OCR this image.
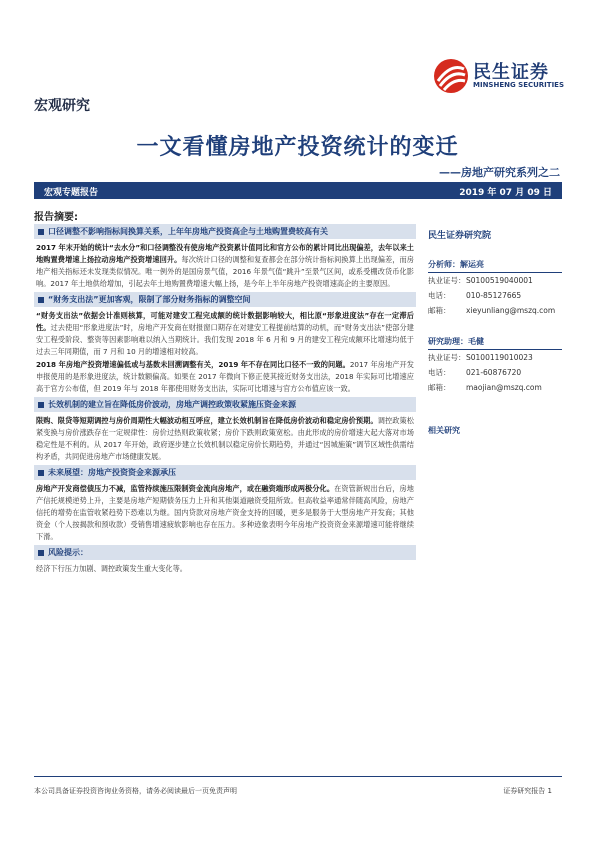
民生证券
MINSHENG SECURITIES
宏观研究
一文看懂房地产投资统计的变迁
——房地产研究系列之二
宏观专题报告	2019 年 07 月 09 日
报告摘要:
口径调整不影响指标间换算关系，上年年房地产投资高企与土地购置费较高有关
2017 年末开始的统计“去水分”和口径调整没有使房地产投资累计值同比和官方公布的累计同比出现偏差，去年以来土地购置费增速上扬拉动房地产投资增速回升。每次统计口径的调整和复查都会在部分统计指标间换算上出现偏差，而房地产相关指标还未发现类似情况。唯一例外的是国房景气值，2016 年景气值“跳升”至景气区间，或系受棚改货币化影响。2017 年土地供给增加，引起去年土地购置费增速大幅上扬，是今年上半年房地产投资增速高企的主要原因。
“财务支出法”更加客观，限制了部分财务指标的调整空间
“财务支出法”依据会计准则核算，可能对建安工程完成额的统计数据影响较大，相比原“形象进度法”存在一定滞后性。过去使用“形象进度法”时，房地产开发商在财报窗口期存在对建安工程提前结算的动机，而“财务支出法”使部分建安工程受阶段、整资等因素影响难以纳入当期统计。我们发现 2018 年 6 月和 9 月的建安工程完成额环比增速均低于过去三年同期值，而 7 月和 10 月的增速相对较高。
2018 年房地产投资增速偏低或与基数未回溯调整有关，2019 年不存在同比口径不一致的问题。2017 年房地产开发申报使用的是形象进度法，统计数额偏高。如果在 2017 年微向下修正使其接近财务支出法，2018 年实际可比增速应高于官方公布值，但 2019 年与 2018 年都使用财务支出法，实际可比增速与官方公布值应该一致。
长效机制的建立旨在降低房价波动，房地产调控政策收紧施压资金来源
限购、限贷等短期调控与房价周期性大幅波动相互呼应，建立长效机制旨在降低房价波动和稳定房价预期。调控政策松紧变换与房价涨跌存在一定规律性：房价过热则政策收紧；房价下跌则政策宽松。由此形成的房价增速大起大落对市场稳定性是不利的。从 2017 年开始，政府逐步建立长效机制以稳定房价长期趋势，并通过“因城施策”调节区域性供需结构矛盾，共同促进房地产市场健康发展。
未来展望：房地产投资资金来源承压
房地产开发商偿债压力不减，监管持续施压限制资金流向房地产，或在融资端形成两极分化。在资管新规出台后，房地产信托规模逆势上升，主要是房地产短期债务压力上升和其他渠道融资受阻所致。但高收益率通常伴随高风险，房地产信托的增势在监管收紧趋势下恐难以为继。国内贷款对房地产资金支持的回暖，更多是服务于大型房地产开发商；其他资金（个人按揭款和预收款）受销售增速疲软影响也存在压力。多种迹象表明今年房地产投资资金来源增速可能将继续下滑。
风险提示：
经济下行压力加剧、调控政策发生重大变化等。
民生证券研究院
分析师：解运亮
执业证号： S0100519040001
电话：	010-85127665
邮箱：	xieyunliang@mszq.com
研究助理：毛健
执业证号： S0100119010023
电话：	021-60876720
邮箱：	maojian@mszq.com
相关研究
本公司具备证券投资咨询业务资格，请务必阅读最后一页免责声明	证券研究报告 1
